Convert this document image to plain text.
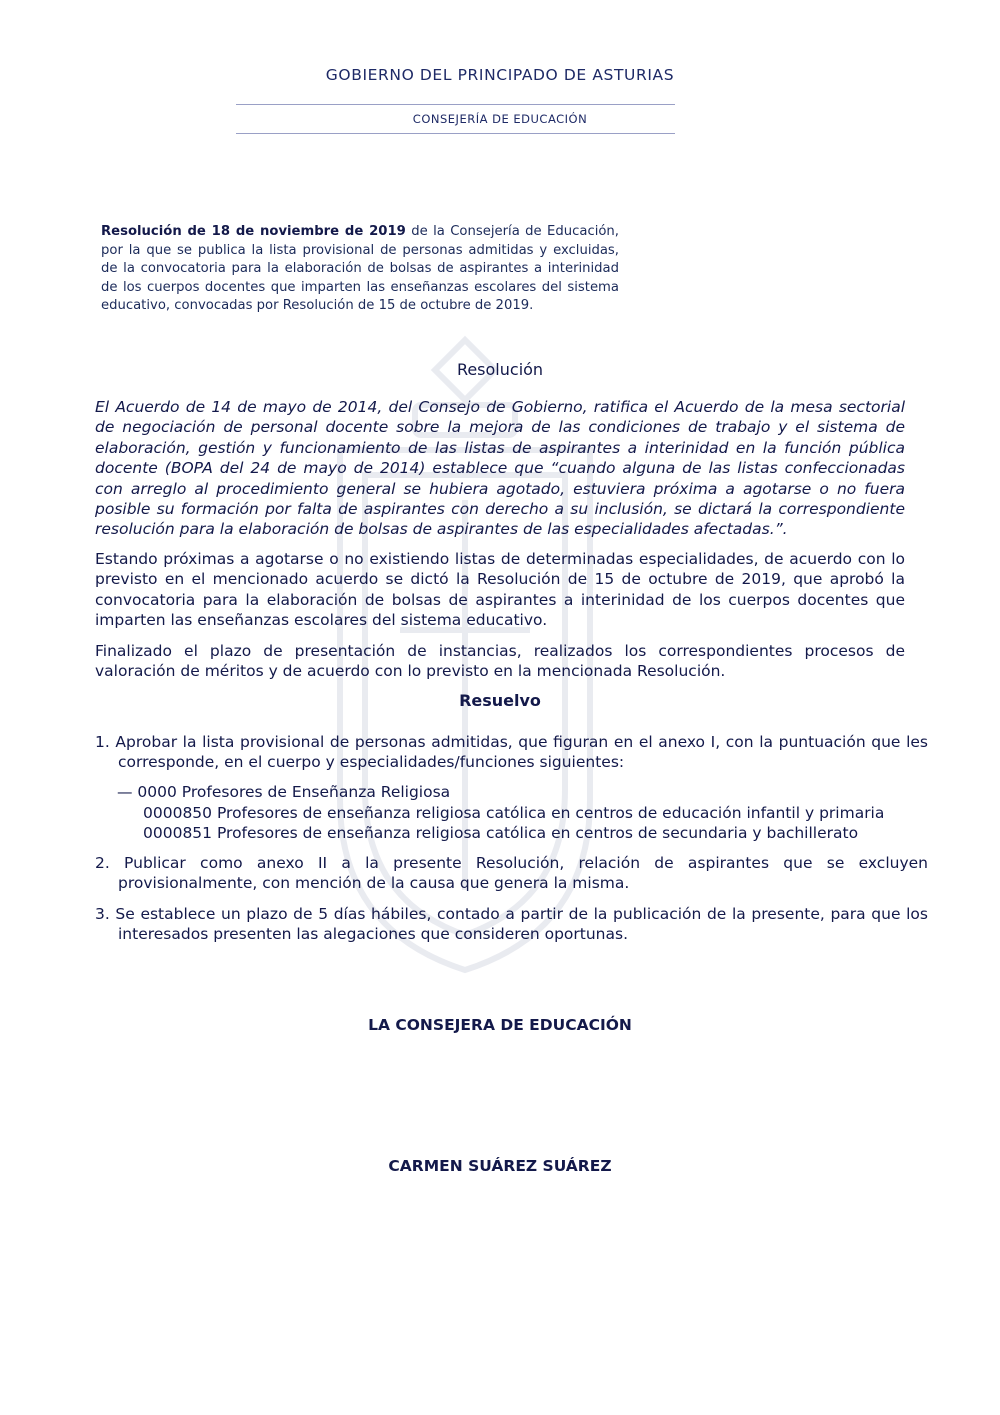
GOBIERNO DEL PRINCIPADO DE ASTURIAS
CONSEJERÍA DE EDUCACIÓN
Resolución de 18 de noviembre de 2019 de la Consejería de Educación, por la que se publica la lista provisional de personas admitidas y excluidas, de la convocatoria para la elaboración de bolsas de aspirantes a interinidad de los cuerpos docentes que imparten las enseñanzas escolares del sistema educativo, convocadas por Resolución de 15 de octubre de 2019.
Resolución
El Acuerdo de 14 de mayo de 2014, del Consejo de Gobierno, ratifica el Acuerdo de la mesa sectorial de negociación de personal docente sobre la mejora de las condiciones de trabajo y el sistema de elaboración, gestión y funcionamiento de las listas de aspirantes a interinidad en la función pública docente (BOPA del 24 de mayo de 2014) establece que “cuando alguna de las listas confeccionadas con arreglo al procedimiento general se hubiera agotado, estuviera próxima a agotarse o no fuera posible su formación por falta de aspirantes con derecho a su inclusión, se dictará la correspondiente resolución para la elaboración de bolsas de aspirantes de las especialidades afectadas.”.
Estando próximas a agotarse o no existiendo listas de determinadas especialidades, de acuerdo con lo previsto en el mencionado acuerdo se dictó la Resolución de 15 de octubre de 2019, que aprobó la convocatoria para la elaboración de bolsas de aspirantes a interinidad de los cuerpos docentes que imparten las enseñanzas escolares del sistema educativo.
Finalizado el plazo de presentación de instancias, realizados los correspondientes procesos de valoración de méritos y de acuerdo con lo previsto en la mencionada Resolución.
Resuelvo
1. Aprobar la lista provisional de personas admitidas, que figuran en el anexo I, con la puntuación que les corresponde, en el cuerpo y especialidades/funciones siguientes:
— 0000 Profesores de Enseñanza Religiosa
0000850 Profesores de enseñanza religiosa católica en centros de educación infantil y primaria
0000851 Profesores de enseñanza religiosa católica en centros de secundaria y bachillerato
2. Publicar como anexo II a la presente Resolución, relación de aspirantes que se excluyen provisionalmente, con mención de la causa que genera la misma.
3. Se establece un plazo de 5 días hábiles, contado a partir de la publicación de la presente, para que los interesados presenten las alegaciones que consideren oportunas.
LA CONSEJERA DE EDUCACIÓN
CARMEN SUÁREZ SUÁREZ
